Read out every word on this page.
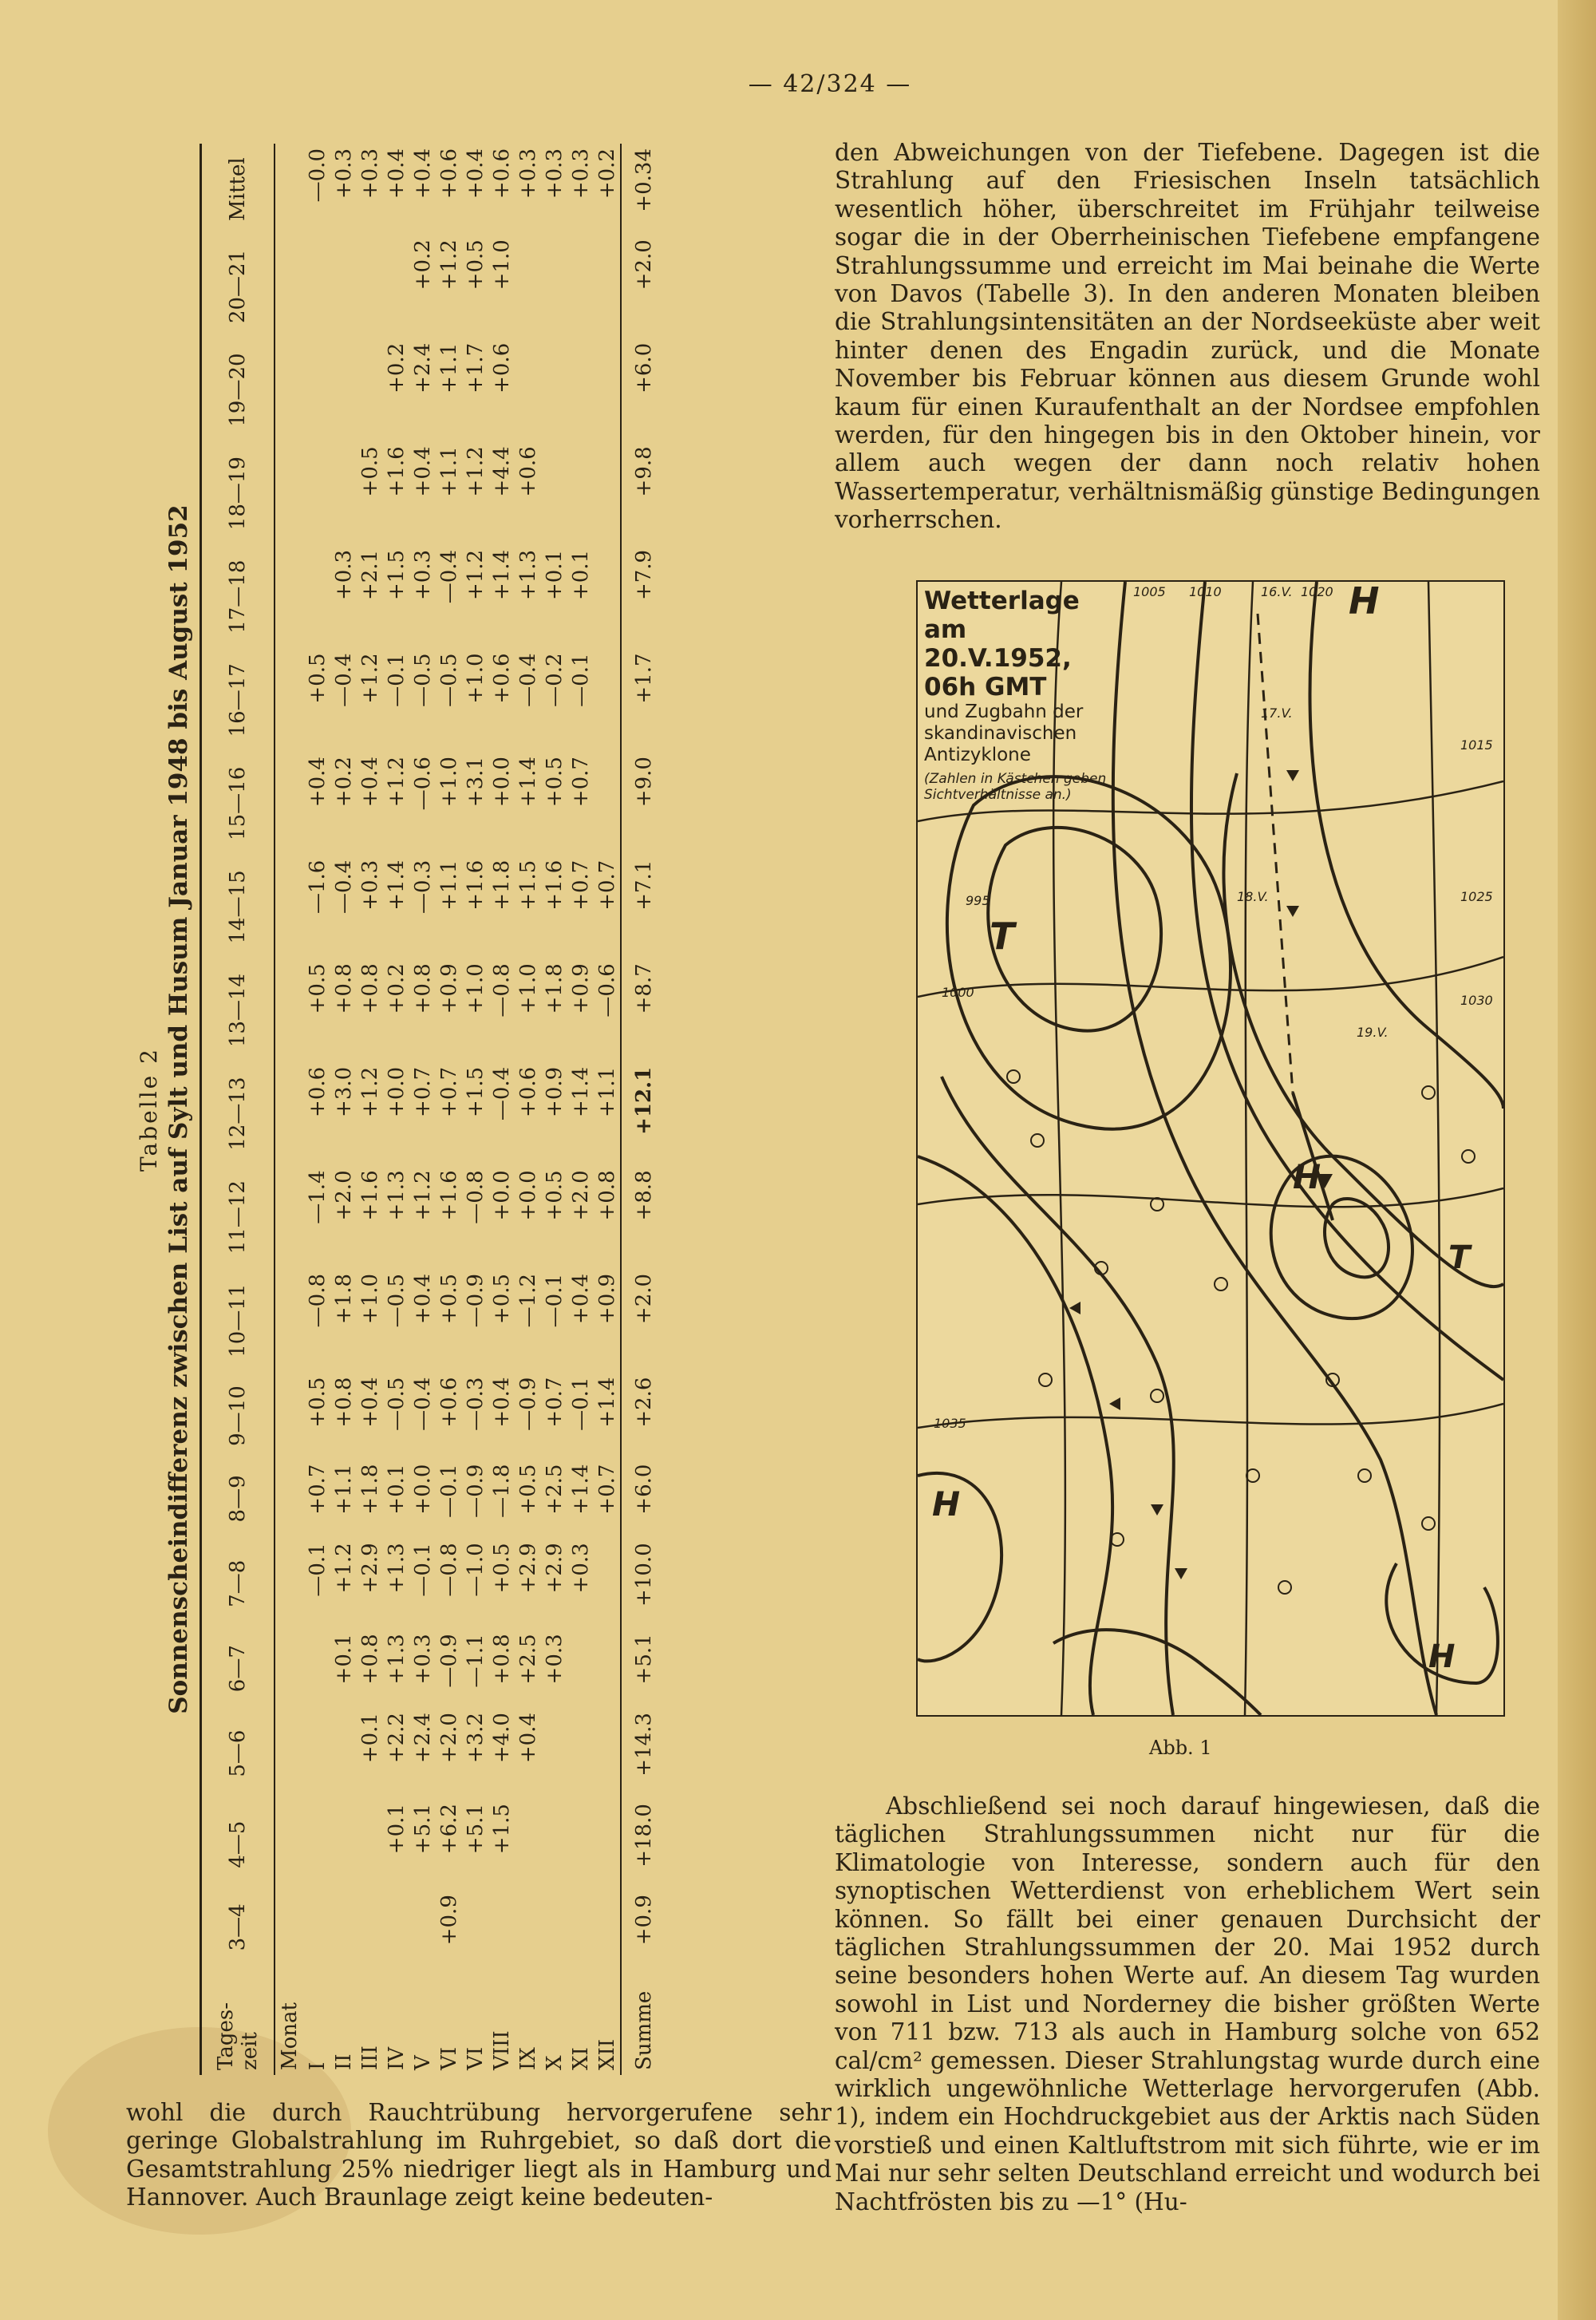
— 42/324 —
Tabelle 2 Sonnenscheindifferenz zwischen List auf Sylt und Husum Januar 1948 bis August 1952
Tages-
zeit	3—4	4—5	5—6	6—7	7—8	8—9	9—10	10—11	11—12	12—13	13—14	14—15	15—16	16—17	17—18	18—19	19—20	20—21	Mittel
Monat																			
I					—0.1	+0.7	+0.5	—0.8	—1.4	+0.6	+0.5	—1.6	+0.4	+0.5					—0.0
II				+0.1	+1.2	+1.1	+0.8	+1.8	+2.0	+3.0	+0.8	—0.4	+0.2	—0.4	+0.3				+0.3
III			+0.1	+0.8	+2.9	+1.8	+0.4	+1.0	+1.6	+1.2	+0.8	+0.3	+0.4	+1.2	+2.1	+0.5			+0.3
IV		+0.1	+2.2	+1.3	+1.3	+0.1	—0.5	—0.5	+1.3	+0.0	+0.2	+1.4	+1.2	—0.1	+1.5	+1.6	+0.2		+0.4
V		+5.1	+2.4	+0.3	—0.1	+0.0	—0.4	+0.4	+1.2	+0.7	+0.8	—0.3	—0.6	—0.5	+0.3	+0.4	+2.4	+0.2	+0.4
VI	+0.9	+6.2	+2.0	—0.9	—0.8	—0.1	+0.6	+0.5	+1.6	+0.7	+0.9	+1.1	+1.0	—0.5	—0.4	+1.1	+1.1	+1.2	+0.6
VI		+5.1	+3.2	—1.1	—1.0	—0.9	—0.3	—0.9	—0.8	+1.5	+1.0	+1.6	+3.1	+1.0	+1.2	+1.2	+1.7	+0.5	+0.4
VIII		+1.5	+4.0	+0.8	+0.5	—1.8	+0.4	+0.5	+0.0	—0.4	—0.8	+1.8	+0.0	+0.6	+1.4	+4.4	+0.6	+1.0	+0.6
IX			+0.4	+2.5	+2.9	+0.5	—0.9	—1.2	+0.0	+0.6	+1.0	+1.5	+1.4	—0.4	+1.3	+0.6			+0.3
X				+0.3	+2.9	+2.5	+0.7	—0.1	+0.5	+0.9	+1.8	+1.6	+0.5	—0.2	+0.1				+0.3
XI					+0.3	+1.4	—0.1	+0.4	+2.0	+1.4	+0.9	+0.7	+0.7	—0.1	+0.1				+0.3
XII						+0.7	+1.4	+0.9	+0.8	+1.1	—0.6	+0.7							+0.2
Summe	+0.9	+18.0	+14.3	+5.1	+10.0	+6.0	+2.6	+2.0	+8.8	+12.1	+8.7	+7.1	+9.0	+1.7	+7.9	+9.8	+6.0	+2.0	+0.34	den Abweichungen von der Tiefebene. Dagegen ist die Strahlung auf den Friesischen Inseln tatsächlich wesentlich höher, überschreitet im Frühjahr teilweise sogar die in der Oberrheinischen Tiefebene empfangene Strahlungssumme und erreicht im Mai beinahe die Werte von Davos (Tabelle 3). In den anderen Monaten bleiben die Strahlungsintensitäten an der Nordseeküste aber weit hinter denen des Engadin zurück, und die Monate November bis Februar können aus diesem Grunde wohl kaum für einen Kuraufenthalt an der Nordsee empfohlen werden, für den hingegen bis in den Oktober hinein, vor allem auch wegen der dann noch relativ hohen Wassertemperatur, verhältnismäßig günstige Bedingungen vorherrschen.

H
T
H
H
H
T
16.V.
17.V.
18.V.
19.V.
1020
1015
1010
1005
1000
995	1025
1030
1035
Wetterlage am
20.V.1952, 06h GMT
und Zugbahn der skandinavischen Antizyklone
(Zahlen in Kästchen geben Sichtverhältnisse an.)
Abb. 1

Abschließend sei noch darauf hingewiesen, daß die täglichen Strahlungssummen nicht nur für die Klimatologie von Interesse, sondern auch für den synoptischen Wetterdienst von erheblichem Wert sein können. So fällt bei einer genauen Durchsicht der täglichen Strahlungssummen der 20. Mai 1952 durch seine besonders hohen Werte auf. An diesem Tag wurden sowohl in List und Norderney die bisher größten Werte von 711 bzw. 713 als auch in Hamburg solche von 652 cal/cm² gemessen. Dieser Strahlungstag wurde durch eine wirklich ungewöhnliche Wetterlage hervorgerufen (Abb. 1), indem ein Hochdruckgebiet aus der Arktis nach Süden vorstieß und einen Kaltluftstrom mit sich führte, wie er im Mai nur sehr selten Deutschland erreicht und wodurch bei Nachtfrösten bis zu —1° (Hu-

wohl die durch Rauchtrübung hervorgerufene sehr geringe Globalstrahlung im Ruhrgebiet, so daß dort die Gesamtstrahlung 25% niedriger liegt als in Hamburg und Hannover. Auch Braunlage zeigt keine bedeuten-
